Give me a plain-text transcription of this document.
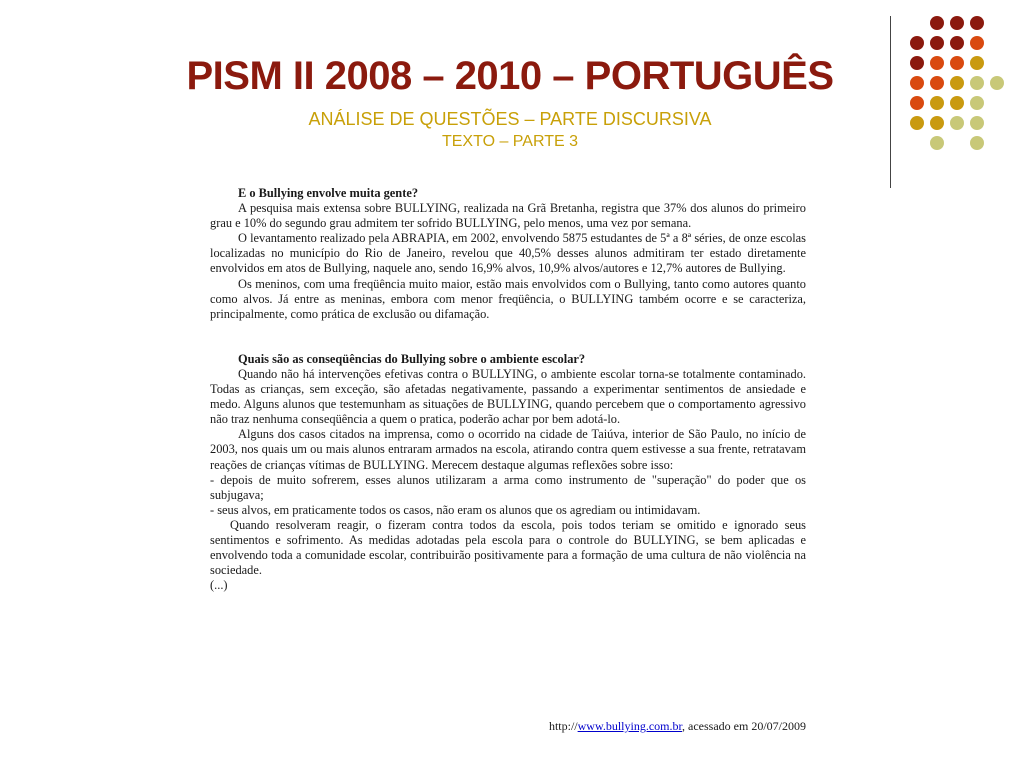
PISM II 2008 – 2010 – PORTUGUÊS
ANÁLISE DE QUESTÕES – PARTE DISCURSIVA
TEXTO – PARTE 3

E o Bullying envolve muita gente?

A pesquisa mais extensa sobre BULLYING, realizada na Grã Bretanha, registra que 37% dos alunos do primeiro grau e 10% do segundo grau admitem ter sofrido BULLYING, pelo menos, uma vez por semana.

O levantamento realizado pela ABRAPIA, em 2002, envolvendo 5875 estudantes de 5ª a 8ª séries, de onze escolas localizadas no município do Rio de Janeiro, revelou que 40,5% desses alunos admitiram ter estado diretamente envolvidos em atos de Bullying, naquele ano, sendo 16,9% alvos, 10,9% alvos/autores e 12,7% autores de Bullying.

Os meninos, com uma freqüência muito maior, estão mais envolvidos com o Bullying, tanto como autores quanto como alvos. Já entre as meninas, embora com menor freqüência, o BULLYING também ocorre e se caracteriza, principalmente, como prática de exclusão ou difamação.

Quais são as conseqüências do Bullying sobre o ambiente escolar?

Quando não há intervenções efetivas contra o BULLYING, o ambiente escolar torna-se totalmente contaminado. Todas as crianças, sem exceção, são afetadas negativamente, passando a experimentar sentimentos de ansiedade e medo. Alguns alunos que testemunham as situações de BULLYING, quando percebem que o comportamento agressivo não traz nenhuma conseqüência a quem o pratica, poderão achar por bem adotá-lo.

Alguns dos casos citados na imprensa, como o ocorrido na cidade de Taiúva, interior de São Paulo, no início de 2003, nos quais um ou mais alunos entraram armados na escola, atirando contra quem estivesse a sua frente, retratavam reações de crianças vítimas de BULLYING. Merecem destaque algumas reflexões sobre isso:

- depois de muito sofrerem, esses alunos utilizaram a arma como instrumento de "superação" do poder que os subjugava;

- seus alvos, em praticamente todos os casos, não eram os alunos que os agrediam ou intimidavam.

Quando resolveram reagir, o fizeram contra todos da escola, pois todos teriam se omitido e ignorado seus sentimentos e sofrimento. As medidas adotadas pela escola para o controle do BULLYING, se bem aplicadas e envolvendo toda a comunidade escolar, contribuirão positivamente para a formação de uma cultura de não violência na sociedade.

(...)

http://www.bullying.com.br, acessado em 20/07/2009
